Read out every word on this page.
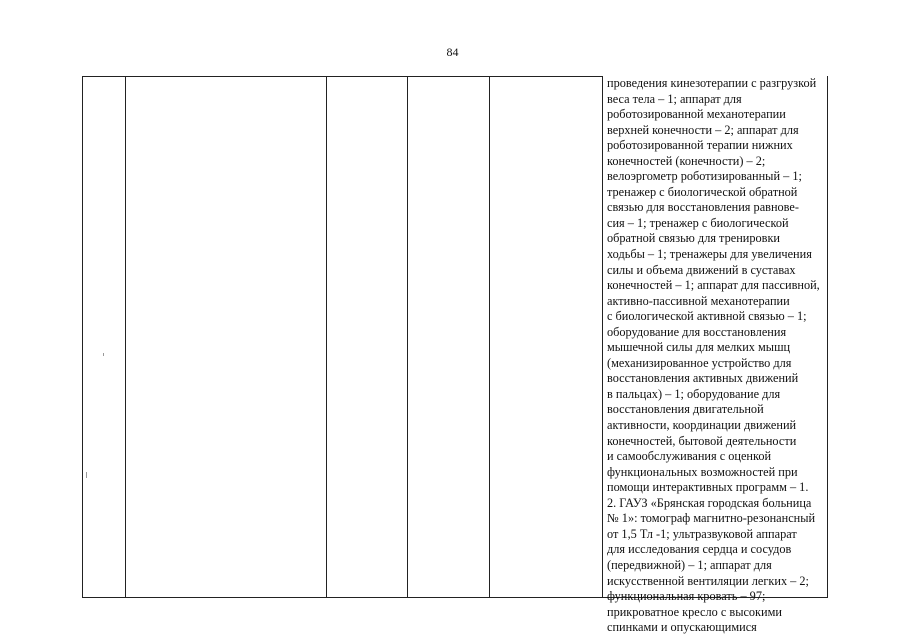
84
проведения кинезотерапии с разгрузкой
веса тела – 1; аппарат для
роботозированной механотерапии
верхней конечности – 2; аппарат для
роботозированной терапии нижних
конечностей (конечности) – 2;
велоэргометр роботизированный – 1;
тренажер с биологической обратной
связью для восстановления равнове-
сия – 1; тренажер с биологической
обратной связью для тренировки
ходьбы – 1; тренажеры для увеличения
силы и объема движений в суставах
конечностей – 1; аппарат для пассивной,
активно-пассивной механотерапии
с биологической активной связью – 1;
оборудование для восстановления
мышечной силы для мелких мышц
(механизированное устройство для
восстановления активных движений
в пальцах) – 1; оборудование для
восстановления двигательной
активности, координации движений
конечностей, бытовой деятельности
и самообслуживания с оценкой
функциональных возможностей при
помощи интерактивных программ – 1.
2. ГАУЗ «Брянская городская больница
№ 1»: томограф магнитно-резонансный
от 1,5 Тл -1; ультразвуковой аппарат
для исследования сердца и сосудов
(передвижной) – 1; аппарат для
искусственной вентиляции легких – 2;
функциональная кровать – 97;
прикроватное кресло с высокими
спинками и опускающимися
